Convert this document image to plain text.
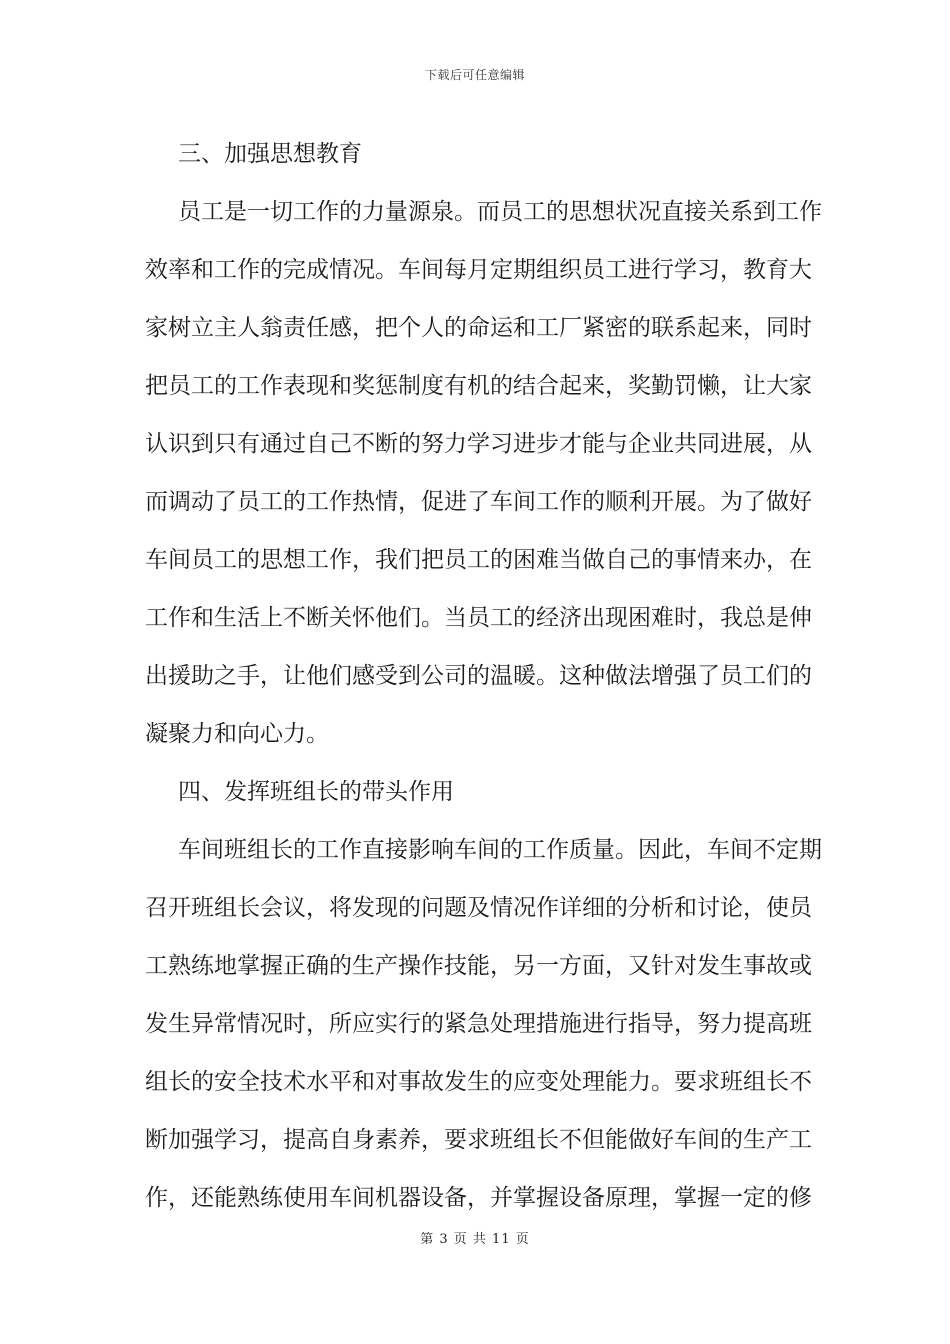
下载后可任意编辑
三、加强思想教育
员工是一切工作的力量源泉。而员工的思想状况直接关系到工作
效率和工作的完成情况。车间每月定期组织员工进行学习，教育大
家树立主人翁责任感，把个人的命运和工厂紧密的联系起来，同时
把员工的工作表现和奖惩制度有机的结合起来，奖勤罚懒，让大家
认识到只有通过自己不断的努力学习进步才能与企业共同进展，从
而调动了员工的工作热情，促进了车间工作的顺利开展。为了做好
车间员工的思想工作，我们把员工的困难当做自己的事情来办，在
工作和生活上不断关怀他们。当员工的经济出现困难时，我总是伸
出援助之手，让他们感受到公司的温暖。这种做法增强了员工们的
凝聚力和向心力。
四、发挥班组长的带头作用
车间班组长的工作直接影响车间的工作质量。因此，车间不定期
召开班组长会议，将发现的问题及情况作详细的分析和讨论，使员
工熟练地掌握正确的生产操作技能，另一方面，又针对发生事故或
发生异常情况时，所应实行的紧急处理措施进行指导，努力提高班
组长的安全技术水平和对事故发生的应变处理能力。要求班组长不
断加强学习，提高自身素养，要求班组长不但能做好车间的生产工
作，还能熟练使用车间机器设备，并掌握设备原理，掌握一定的修
第 3 页 共 11 页
